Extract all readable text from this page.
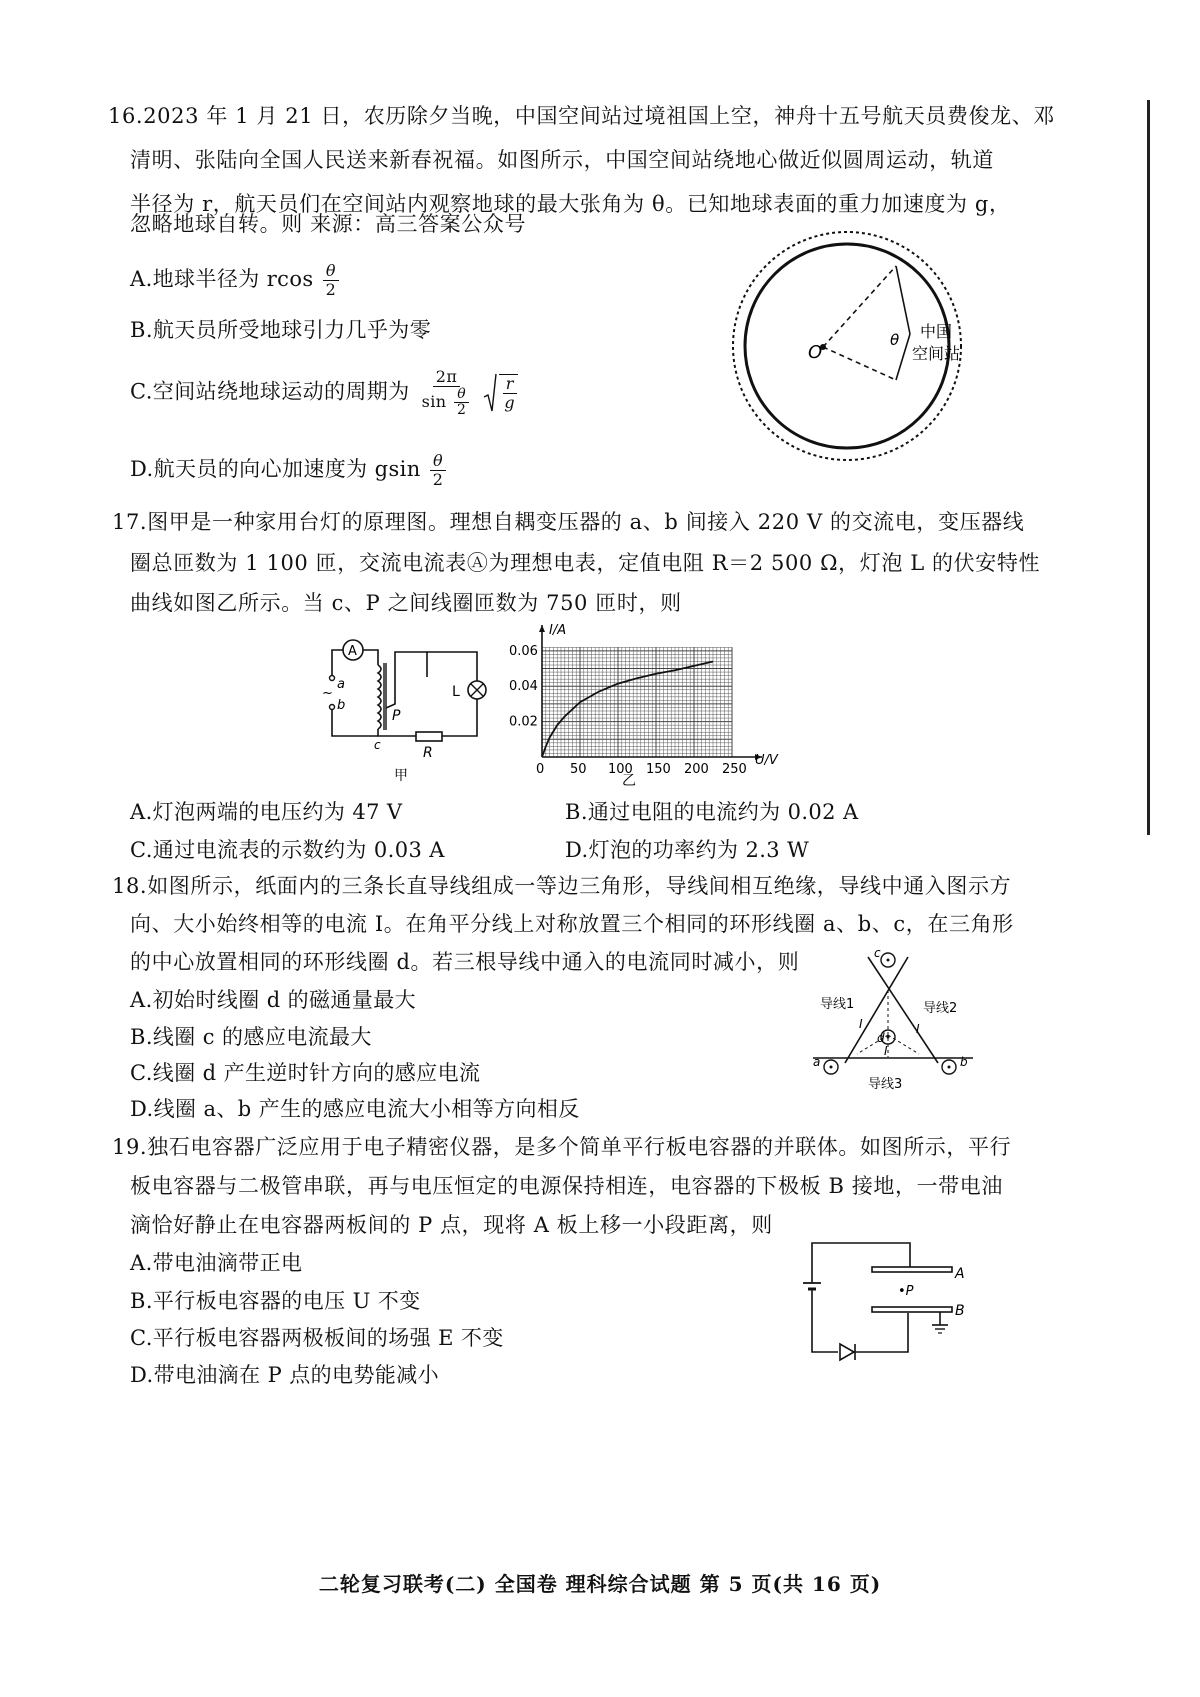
16.2023 年 1 月 21 日，农历除夕当晚，中国空间站过境祖国上空，神舟十五号航天员费俊龙、邓
清明、张陆向全国人民送来新春祝福。如图所示，中国空间站绕地心做近似圆周运动，轨道
半径为 r，航天员们在空间站内观察地球的最大张角为 θ。已知地球表面的重力加速度为 g，
忽略地球自转。则 来源：高三答案公众号
A.地球半径为 rcos $\frac{\theta}{2}$
B.航天员所受地球引力几乎为零
C.空间站绕地球运动的周期为 $\frac{2\pi}{\sin \frac{\theta}{2}}$
$\frac{r}{g}$
D.航天员的向心加速度为 gsin $\frac{\theta}{2}$
O
θ 中国
空间站
17.图甲是一种家用台灯的原理图。理想自耦变压器的 a、b 间接入 220 V 的交流电，变压器线
圈总匝数为 1 100 匝，交流电流表Ⓐ为理想电表，定值电阻 R＝2 500 Ω，灯泡 L 的伏安特性
曲线如图乙所示。当 c、P 之间线圈匝数为 750 匝时，则
A
L
R
a
~
b
P
c
甲
0.06
0.04
0.02
0 50 100 150 200 250
I/A
U/V
乙
A.灯泡两端的电压约为 47 V	B.通过电阻的电流约为 0.02 A
C.通过电流表的示数约为 0.03 A	D.灯泡的功率约为 2.3 W
18.如图所示，纸面内的三条长直导线组成一等边三角形，导线间相互绝缘，导线中通入图示方
向、大小始终相等的电流 I。在角平分线上对称放置三个相同的环形线圈 a、b、c，在三角形
的中心放置相同的环形线圈 d。若三根导线中通入的电流同时减小，则
A.初始时线圈 d 的磁通量最大
B.线圈 c 的感应电流最大
C.线圈 d 产生逆时针方向的感应电流
D.线圈 a、b 产生的感应电流大小相等方向相反
c
d
a	b
导线1	导线2
导线3
I	I
I
19.独石电容器广泛应用于电子精密仪器，是多个简单平行板电容器的并联体。如图所示，平行
板电容器与二极管串联，再与电压恒定的电源保持相连，电容器的下极板 B 接地，一带电油
滴恰好静止在电容器两板间的 P 点，现将 A 板上移一小段距离，则
A.带电油滴带正电
B.平行板电容器的电压 U 不变
C.平行板电容器两极板间的场强 E 不变
D.带电油滴在 P 点的电势能减小
A
B
•P
二轮复习联考(二) 全国卷 理科综合试题 第 5 页(共 16 页)
